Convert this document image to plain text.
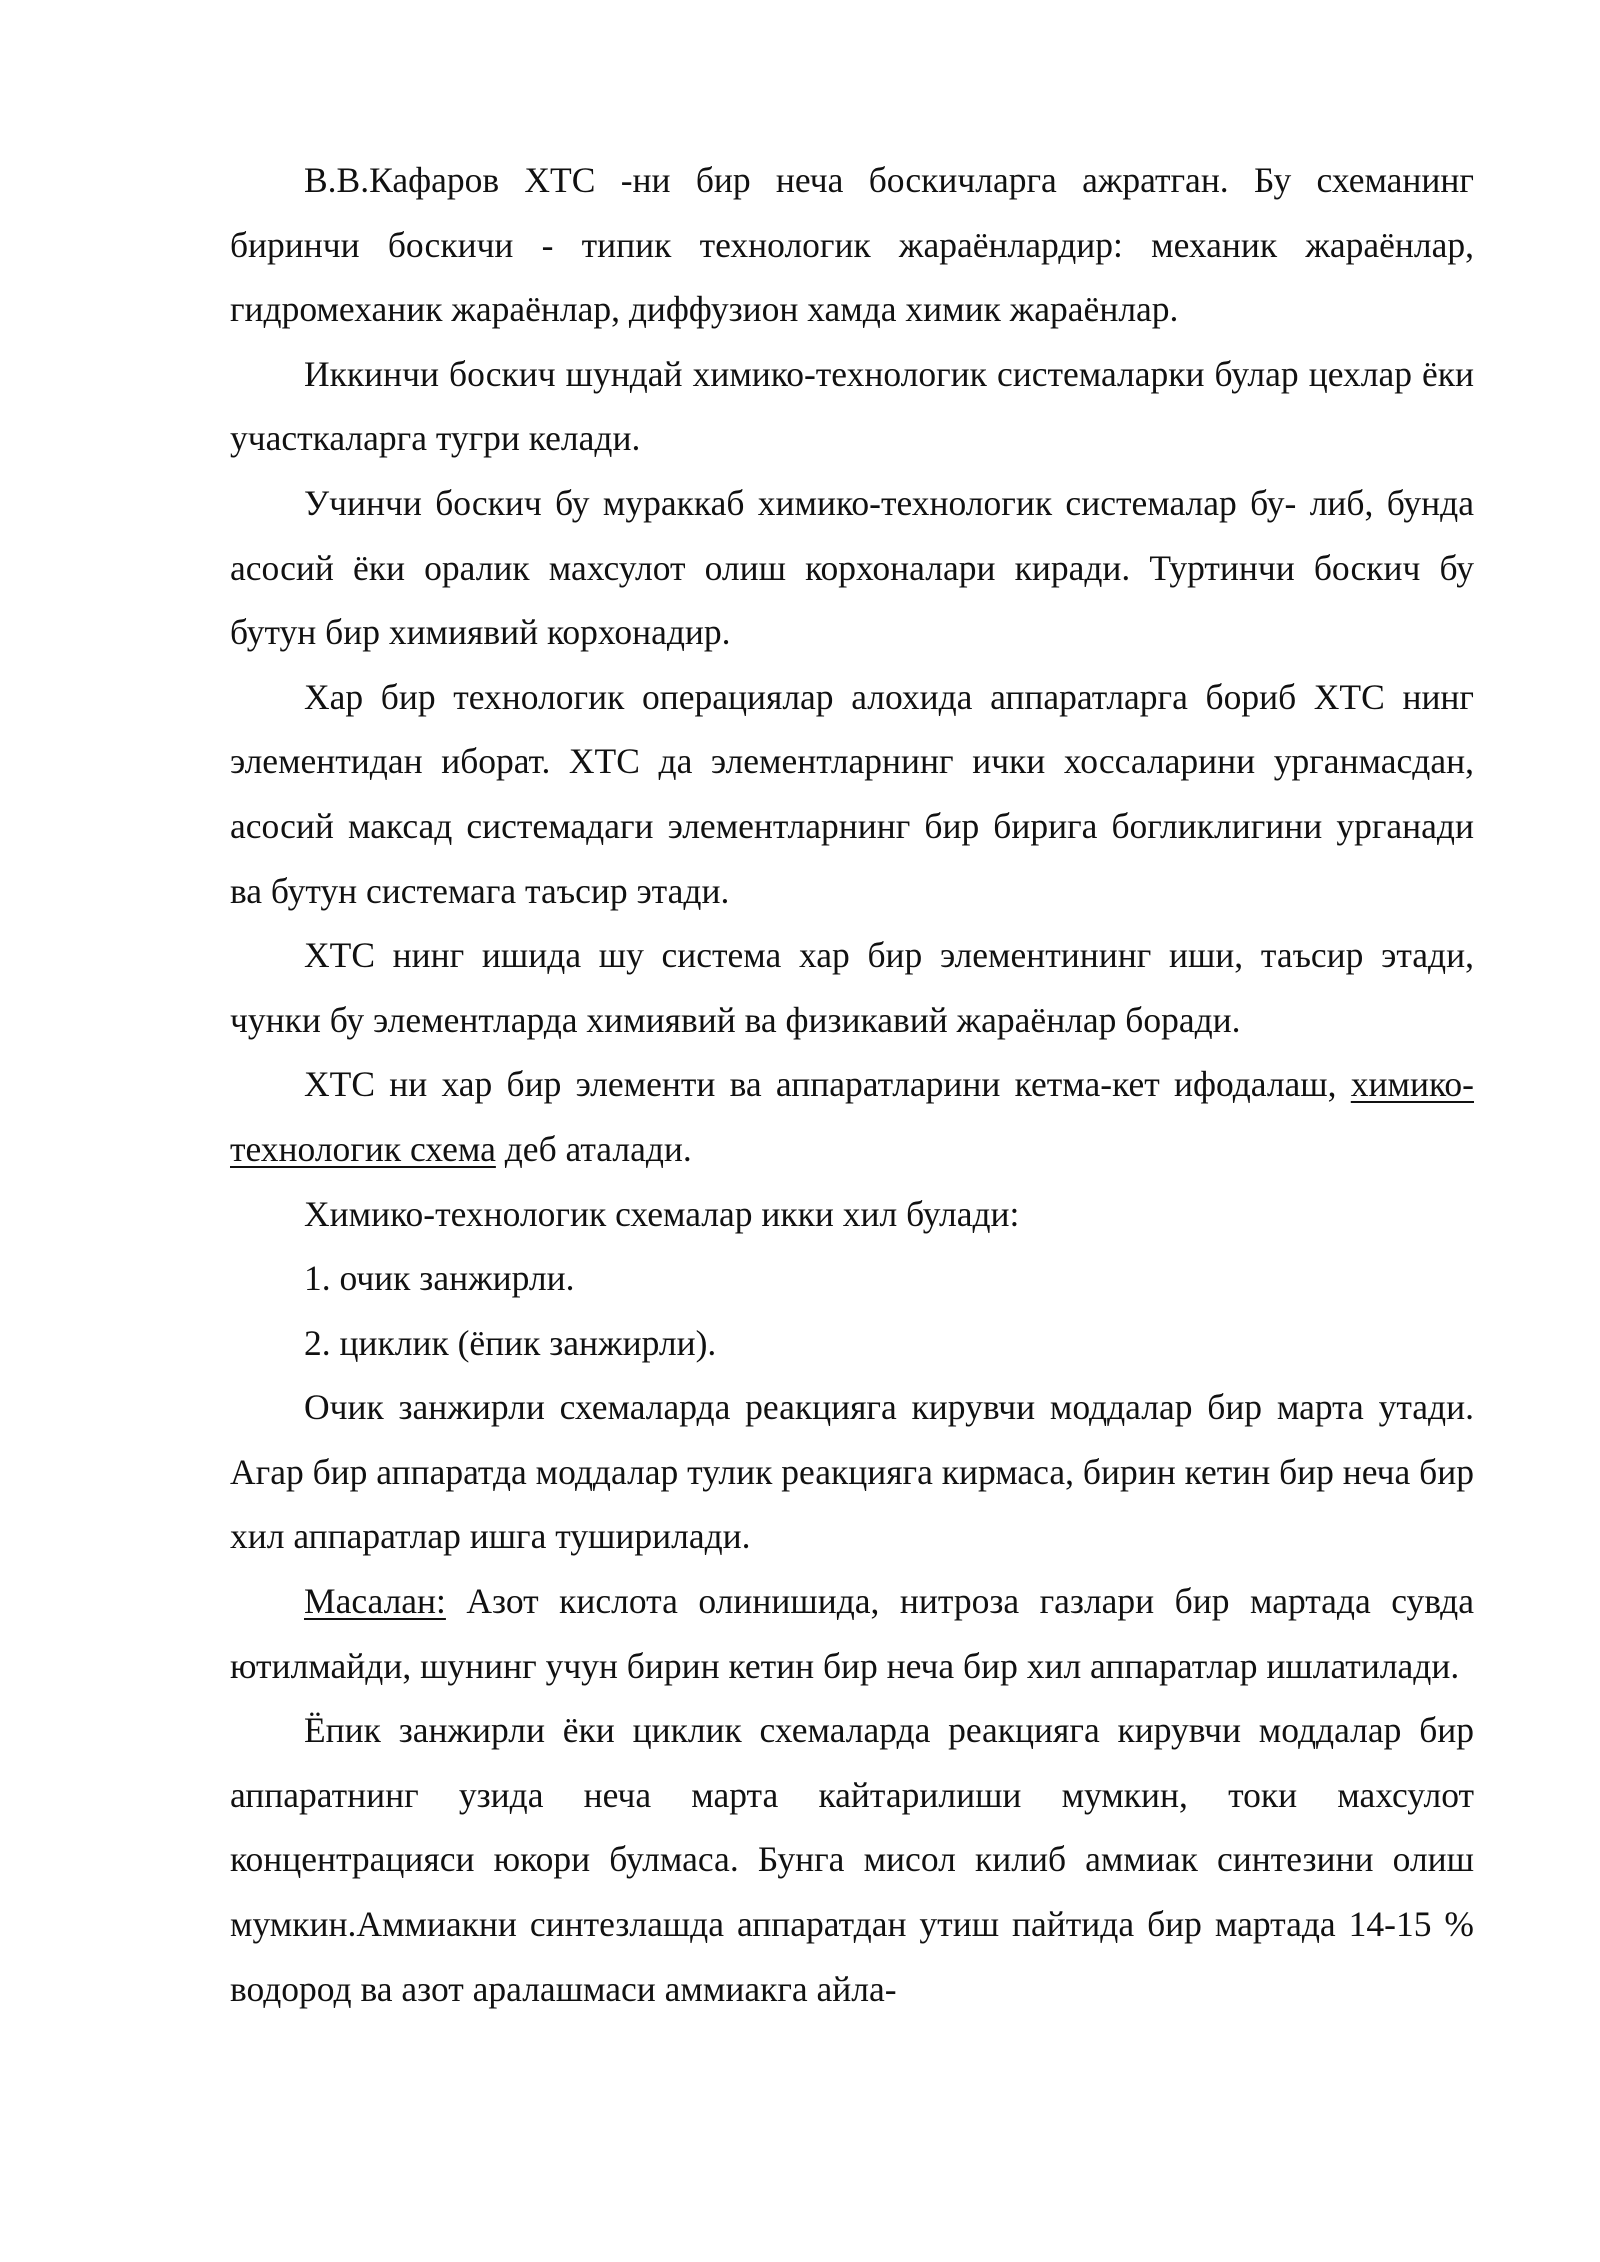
В.В.Кафаров ХТС -ни бир неча боскичларга ажратган. Бу схеманинг биринчи боскичи - типик технологик жараёнлардир: механик жараёнлар, гидромеханик жараёнлар, диффузион хамда химик жараёнлар.

Иккинчи боскич шундай химико-технологик системаларки булар цехлар ёки участкаларга тугри келади.

Учинчи боскич бу мураккаб химико-технологик системалар бу- либ, бунда асосий ёки оралик махсулот олиш корхоналари киради. Туртинчи боскич бу бутун бир химиявий корхонадир.

Хар бир технологик операциялар алохида аппаратларга бориб ХТС нинг элементидан иборат. ХТС да элементларнинг ички хоссаларини урганмасдан, асосий максад системадаги элементларнинг бир бирига богликлигини урганади ва бутун системага таъсир этади.

ХТС нинг ишида шу система хар бир элементининг иши, таъсир этади, чунки бу элементларда химиявий ва физикавий жараёнлар боради.

ХТС ни хар бир элементи ва аппаратларини кетма-кет ифодалаш, химико-технологик схема деб аталади.

Химико-технологик схемалар икки хил булади:

1. очик занжирли.

2. циклик (ёпик занжирли).

Очик занжирли схемаларда реакцияга кирувчи моддалар бир марта утади. Агар бир аппаратда моддалар тулик реакцияга кирмаса, бирин кетин бир неча бир хил аппаратлар ишга туширилади.

Масалан: Азот кислота олинишида, нитроза газлари бир мартада сувда ютилмайди, шунинг учун бирин кетин бир неча бир хил аппаратлар ишлатилади.

Ёпик занжирли ёки циклик схемаларда реакцияга кирувчи моддалар бир аппаратнинг узида неча марта кайтарилиши мумкин, токи махсулот концентрацияси юкори булмаса. Бунга мисол килиб аммиак синтезини олиш мумкин.Аммиакни синтезлашда аппаратдан утиш пайтида бир мартада 14-15 % водород ва азот аралашмаси аммиакга айла-
